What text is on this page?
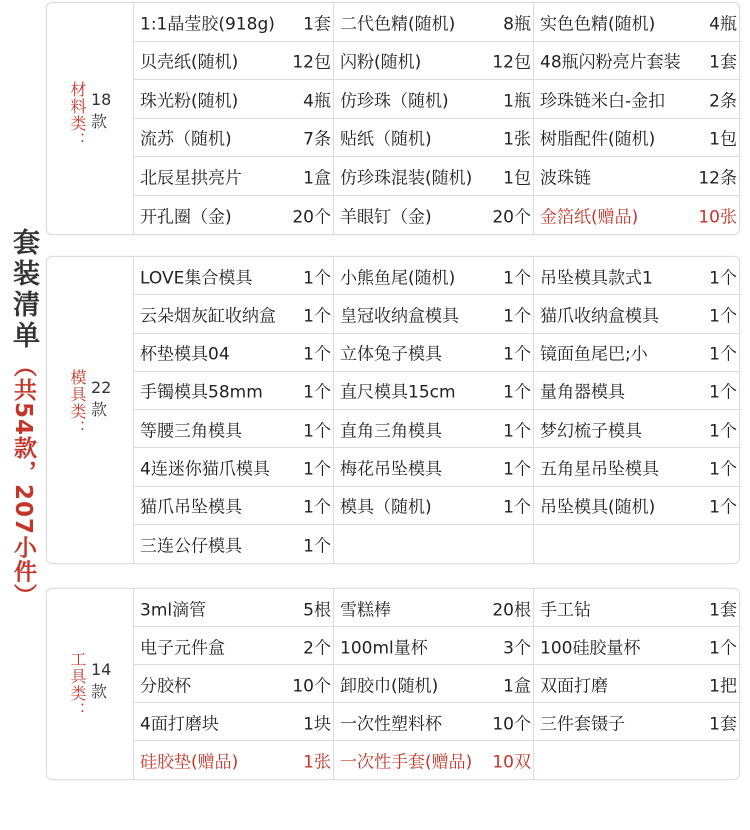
套装清单
（共54款，207小件）
材料类： 18款
1:1晶莹胶(918g) 1套 二代色精(随机)	8瓶 实色色精(随机)	4瓶
贝壳纸(随机)	12包 闪粉(随机)	12包 48瓶闪粉亮片套装 1套
珠光粉(随机)	4瓶 仿珍珠（随机)	1瓶 珍珠链米白-金扣	2条
流苏（随机)	7条 贴纸（随机)	1张 树脂配件(随机)	1包
北辰星拱亮片	1盒 仿珍珠混装(随机) 1包 波珠链	12条
开孔圈（金)	20个 羊眼钉（金)	20个 金箔纸(赠品)	10张
模具类： 22款
LOVE集合模具	1个 小熊鱼尾(随机)	1个 吊坠模具款式1	1个
云朵烟灰缸收纳盒 1个 皇冠收纳盒模具	1个 猫爪收纳盒模具	1个
杯垫模具04	1个 立体兔子模具	1个 镜面鱼尾巴;小	1个
手镯模具58mm 1个 直尺模具15cm	1个 量角器模具	1个
等腰三角模具	1个 直角三角模具	1个 梦幻梳子模具	1个
4连迷你猫爪模具 1个 梅花吊坠模具	1个 五角星吊坠模具	1个
猫爪吊坠模具	1个 模具（随机)	1个 吊坠模具(随机)	1个
三连公仔模具	1个
工具类： 14款
3ml滴管	5根 雪糕棒	20根 手工钻	1套
电子元件盒	2个 100ml量杯	3个 100硅胶量杯	1个
分胶杯	10个 卸胶巾(随机)	1盒 双面打磨	1把
4面打磨块	1块 一次性塑料杯	10个 三件套镊子	1套
硅胶垫(赠品)	1张 一次性手套(赠品) 10双
